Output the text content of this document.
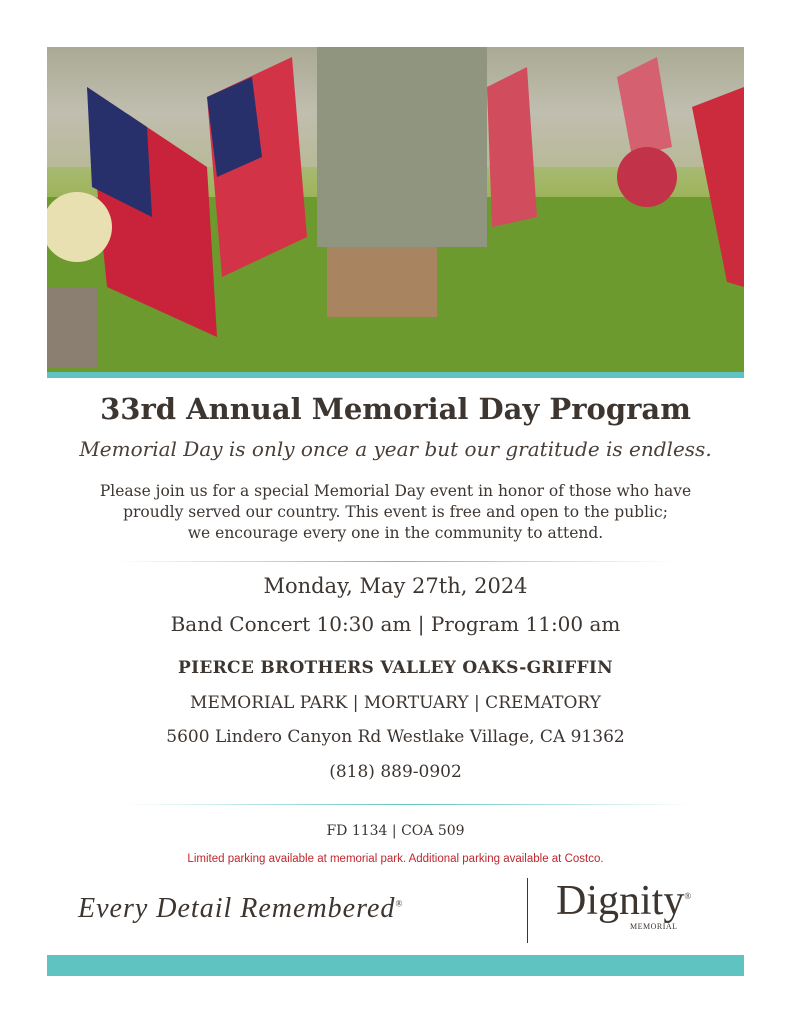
33rd Annual Memorial Day Program
Memorial Day is only once a year but our gratitude is endless.
Please join us for a special Memorial Day event in honor of those who have
proudly served our country. This event is free and open to the public;
we encourage every one in the community to attend.
Monday, May 27th, 2024
Band Concert 10:30 am | Program 11:00 am
PIERCE BROTHERS VALLEY OAKS-GRIFFIN
MEMORIAL PARK | MORTUARY | CREMATORY
5600 Lindero Canyon Rd Westlake Village, CA 91362
(818) 889-0902
FD 1134 | COA 509
Limited parking available at memorial park. Additional parking available at Costco.
Every Detail Remembered®	Dignity®
MEMORIAL
